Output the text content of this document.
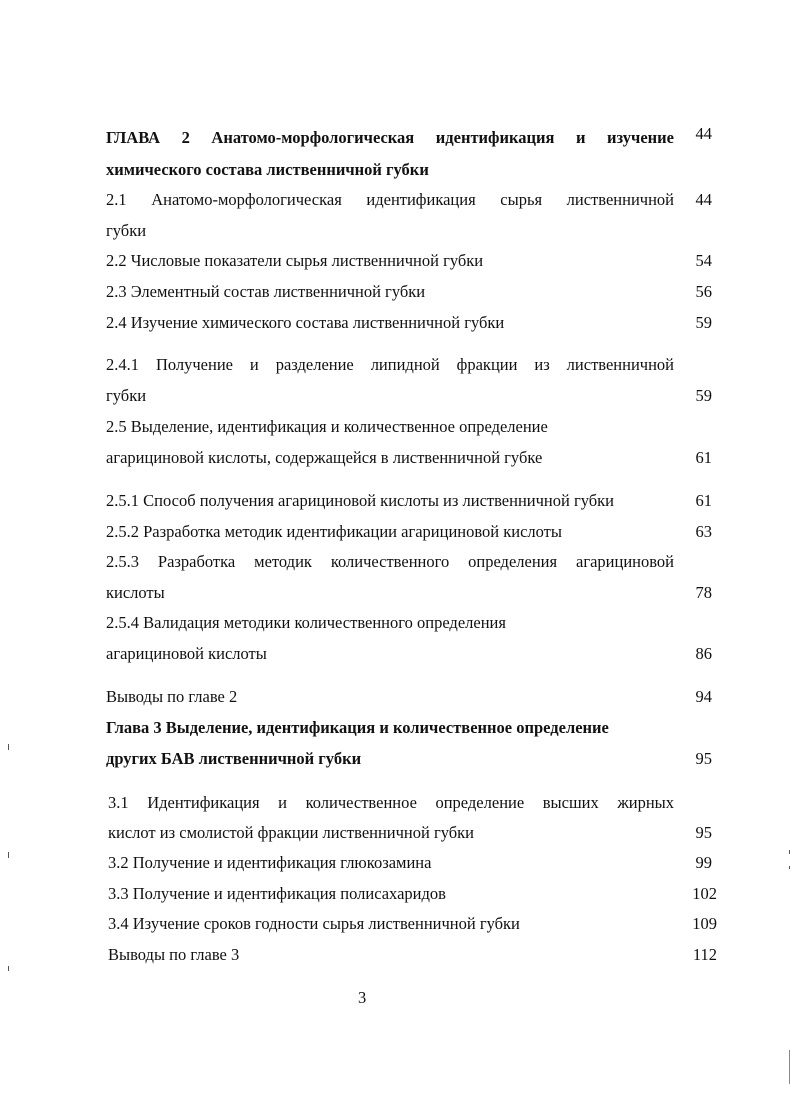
ГЛАВА 2 Анатомо-морфологическая идентификация и изучение	44
химического состава лиственничной губки
2.1 Анатомо-морфологическая идентификация сырья лиственничной	44
губки
2.2 Числовые показатели сырья лиственничной губки	54
2.3 Элементный состав лиственничной губки	56
2.4 Изучение химического состава лиственничной губки	59
2.4.1 Получение и разделение липидной фракции из лиственничной
губки	59
2.5 Выделение, идентификация и количественное определение
агарициновой кислоты, содержащейся в лиственничной губке	61
2.5.1 Способ получения агарициновой кислоты из лиственничной губки	61
2.5.2 Разработка методик идентификации агарициновой кислоты	63
2.5.3 Разработка методик количественного определения агарициновой
кислоты	78
2.5.4 Валидация методики количественного определения
агарициновой кислоты	86
Выводы по главе 2	94
Глава 3 Выделение, идентификация и количественное определение
других БАВ лиственничной губки	95
3.1 Идентификация и количественное определение высших жирных
кислот из смолистой фракции лиственничной губки	95
3.2 Получение и идентификация глюкозамина	99
3.3 Получение и идентификация полисахаридов	102
3.4 Изучение сроков годности сырья лиственничной губки	109
Выводы по главе 3	112
3
